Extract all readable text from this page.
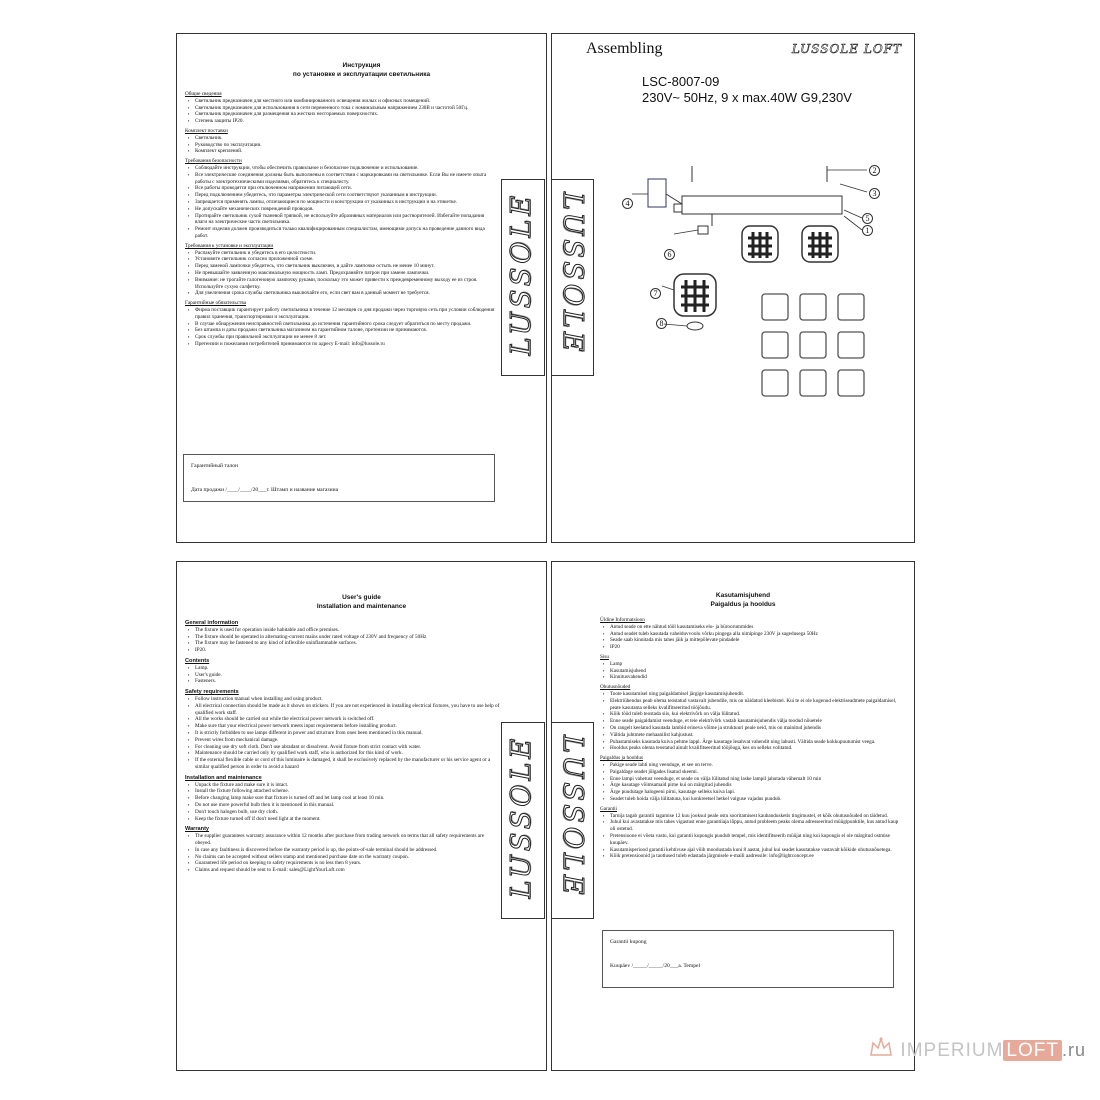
Инструкция
по установке и эксплуатации светильника
Общие сведения
▪ Светильник предназначен для местного или комбинированного освещения жилых и офисных помещений.
▪ Светильник предназначен для использования в сети переменного тока с номинальным напряжением 230В и частотой 50Гц.
▪ Светильник предназначен для размещения на жестких несгораемых поверхностях.
▪ Степень защиты IP20.
Комплект поставки
▪ Светильник.
▪ Руководство по эксплуатации.
▪ Комплект креплений.
Требования безопасности
▪ Соблюдайте инструкции, чтобы обеспечить правильное и безопасное подключение и использование.
▪ Все электрические соединения должны быть выполнены в соответствии с маркировками на светильнике. Если Вы не имеете опыта работы с электротехническими изделиями, обратитесь к специалисту.
▪ Все работы проводятся при отключенном напряжении питающей сети.
▪ Перед подключением убедитесь, что параметры электрической сети соответствуют указанным в инструкции.
▪ Запрещается применять лампы, отличающиеся по мощности и конструкции от указанных в инструкции и на этикетке.
▪ Не допускайте механических повреждений проводов.
▪ Протирайте светильник сухой тканевой тряпкой, не используйте абразивных материалов или растворителей. Избегайте попадания влаги на электрические части светильника.
▪ Ремонт изделия должен производиться только квалифицированным специалистам, имеющими допуск на проведение данного вида работ.
Требования к установке и эксплуатации
▪ Распакуйте светильник и убедитесь в его целостности.
▪ Установите светильник согласно приложенной схеме.
▪ Перед заменой лампочки убедитесь, что светильник выключен, и дайте лампочке остыть не менее 10 минут.
▪ Не превышайте заявленную максимальную мощность ламп. Предохраняйте патрон при замене лампочки.
▪ Внимание: не трогайте галогеновую лампочку руками, поскольку это может привести к преждевременному выходу ее из строя. Используйте сухую салфетку.
▪ Для увеличения срока службы светильника выключайте его, если свет вам в данный момент не требуется.
Гарантийные обязательства
▪ Фирма поставщик гарантирует работу светильника в течение 12 месяцев со дня продажи через торговую сеть при условии соблюдения правил хранения, транспортировки и эксплуатации.
▪ В случае обнаружения неисправностей светильника до истечения гарантийного срока следует обратиться по месту продажи.
▪ Без штампа и даты продажи светильника магазином на гарантийном талоне, претензии не принимаются.
▪ Срок службы при правильной эксплуатации не менее 8 лет.
▪ Претензии и пожелания потребителей принимаются по адресу E-mail: info@lussole.ru	LUSSOLE
Гарантийный талон
Дата продажи /____/____/20___г. Штамп и название магазина
LUSSOLE
Assembling	LUSSOLE LOFT
LSC-8007-09
230V~ 50Hz, 9 x max.40W G9,230V
2
3
5
1
4
6
7
8
User's guide
Installation and maintenance
General information
▪ The fixture is used for operation inside habitable and office premises.
▪ The fixture should be operated in alternating-current mains under rated voltage of 230V and frequency of 50Hz
▪ The fixture may be fastened to any kind of inflexible uninflammable surfaces.
▪ IP20.
Contents
▪ Lamp.
▪ User's guide.
▪ Fasteners.
Safety requirements
▪ Follow instruction manual when installing and using product.
▪ All electrical connection should be made as it shown on stickers. If you are not experienced in installing electrical fixtures, you have to use help of qualified work staff.
▪ All the works should be carried out while the electrical power network is switched off.
▪ Make sure that your electrical power network meets input requirements before installing product.
▪ It is strictly forbidden to use lamps different in power and structure from ones been mentioned in this manual.
▪ Prevent wires from mechanical damage.
▪ For cleaning use dry soft cloth. Don't use abradant or dissolvent. Avoid fixture from strict contact with water.
▪ Maintenance should be carried only by qualified work staff, who is authorized for this kind of work.
▪ If the external flexible cable or cord of this luminaire is damaged, it shall be exclusively replaced by the manufacturer or his service agent or a similar qualified person in order to avoid a hazard
Installation and maintenance
▪ Unpack the fixture and make sure it is intact.
▪ Install the fixture following attached scheme.
▪ Before changing lamp make sure that fixture is turned off and let lamp cool at least 10 min.
▪ Do not use more powerful bulb then it is mentioned in this manual.
▪ Don't touch halogen bulb, use dry cloth.
▪ Keep the fixture turned off if don't need light at the moment.
Warranty
▪ The supplier guarantees warranty assurance within 12 months after purchase from trading network on terms that all safety requirements are obeyed.
▪ In case any faultiness is discovered before the warranty period is up, the points-of-sale terminal should be addressed.
▪ No claims can be accepted without sellers stamp and mentioned purchase date on the warranty coupon.
▪ Guaranteed life period on keeping to safety requirements is no less then 8 years.
▪ Claims and request should be sent to E-mail: sales@LightYourLoft.com	LUSSOLE LUSSOLE
Kasutamisjuhend
Paigaldus ja hooldus
Üldine Informatsioon
▪ Antud seade on ette nähtud tööl kasutamiseks elu- ja büroorummides
▪ Antud seadet tuleb kasutada vahelduvvoolu võrku pingega alla nimipinge 230V ja sagedusega 50Hz
▪ Seade saab kinnitada mis tahes jäik ja mittepõlevate pindadele
▪ IP20
Sisu
▪ Lamp
▪ Kasutamisjuhend
▪ Kinnitusvahendid
Ohutusnõuded
▪ Toote kasutamisel ning paigaldamisel järgige kasutamisjuhendit.
▪ Elektriühendus peab olema teostatud vastavalt juhendile, mis on näidatud kleebistel. Kui te ei ole kogenud elektriseadmete paigaldamisel, peate kasutama selleks kvalifitseeritud tööjõudu.
▪ Kõik tööd tuleb teostada siis, kui elektrivõrk on välja lülitatud.
▪ Enne seade paigaldamist veenduge, et teie elektrivõrk vastab kasutamisjuhendis välja toodud nõuetele
▪ On rangelt keelatud kasutada lambid erineva võime ja struktuuri peale neid, mis on mainitud juhendis
▪ Vältida juhtmete mehaanilist kahjustust.
▪ Puhastamiseks kasutada kuiva pehme lappi. Ärge kasutage lesahvat vahendit ning lahusti. Vältida seade kokkupuutumist veega.
▪ Hooldus peaks olema teostatud ainult kvalifitseeritud tööjõuga, kes on selleks volitatud.
Paigaldus ja hooldus
▪ Pakige seade lahti ning veenduge, et see on terve.
▪ Paigaldage seadet jõlgades lisatud skeemi.
▪ Enne lampi vahetust veenduge, et seade on välja lülitatud ning laske lampil jahutada vähemalt 10 min
▪ Ärge kasutage võimsamaid pirne kui on märgitud juhendis
▪ Ärge puudutage halogeeni pirni, kasutage selleks kuiva lapi.
▪ Seadet tuleb hoida välja lülitatuna, kui konkreetsel hetkel valguse vajadus puudub.
Garantii
▪ Tarnija tagab garantii tagamise 12 kuu jooksul peale ostu sooritamisest kaubandusketis tingimustel, et kõik ohutusnõuded on täidetud.
▪ Juhul kui avastatakse mis tahes vigastust enne garantiiaja lõppu, antud probleem peaks olema adresseeritud müügipunktile, kus antud kaup oli ostetud.
▪ Pretensioone ei võeta vastu, kui garantii kupongis puudub tempel, mis identifitseerib müüjat ning kui kupongis ei ole märgitud ostmise kuupäev.
▪ Kasutamisperiood garantii kehtivuse ajal võib moodustada kuni 8 aastat, juhul kui seadet kasutatakse vastavalt kõikide ohutusnõuetega.
▪ Kõik pretensioonid ja taotlused tuleb edastada järgmisele e-maili aadressile: info@lightconcept.ee
Garantii kupong
Kuupäev /_____/_____/20___a. Tempel
IMPERIUM LOFT .ru
